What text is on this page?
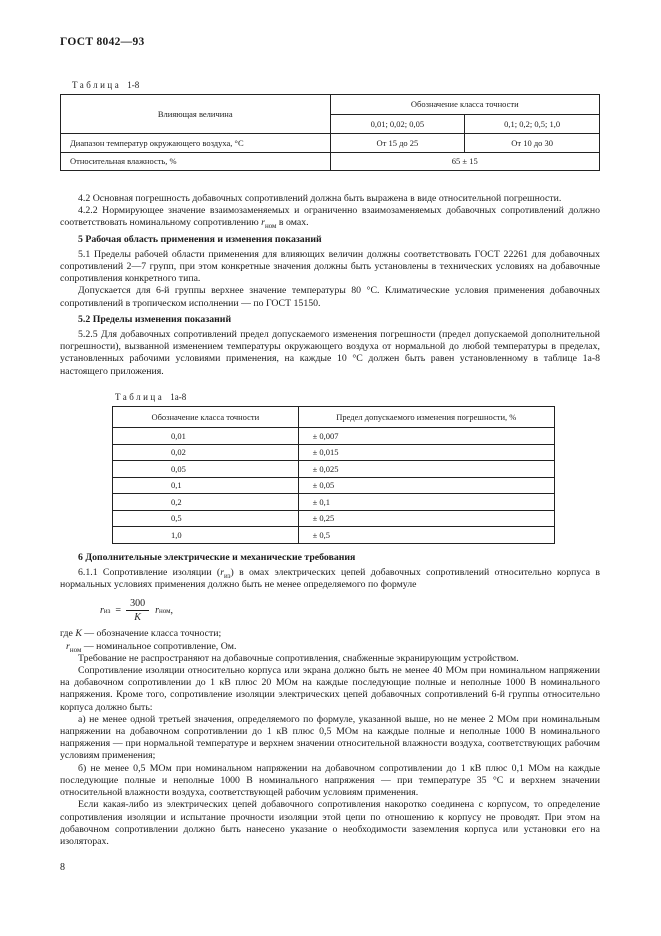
ГОСТ 8042—93
Таблица 1-8
Влияющая величина	Обозначение класса точности	
	0,01; 0,02; 0,05	0,1; 0,2; 0,5; 1,0
Диапазон температур окружающего воздуха, °С	От 15 до 25	От 10 до 30
Относительная влажность, %	65 ± 15	

4.2 Основная погрешность добавочных сопротивлений должна быть выражена в виде относительной погрешности.

4.2.2 Нормирующее значение взаимозаменяемых и ограниченно взаимозаменяемых добавочных сопротивлений должно соответствовать номинальному сопротивлению $r_{ном}$ в омах.

5 Рабочая область применения и изменения показаний

5.1 Пределы рабочей области применения для влияющих величин должны соответствовать ГОСТ 22261 для добавочных сопротивлений 2—7 групп, при этом конкретные значения должны быть установлены в технических условиях на добавочные сопротивления конкретного типа.

Допускается для 6-й группы верхнее значение температуры 80 °С. Климатические условия применения добавочных сопротивлений в тропическом исполнении — по ГОСТ 15150.

5.2 Пределы изменения показаний

5.2.5 Для добавочных сопротивлений предел допускаемого изменения погрешности (предел допускаемой дополнительной погрешности), вызванной изменением температуры окружающего воздуха от нормальной до любой температуры в пределах, установленных рабочими условиями применения, на каждые 10 °С должен быть равен установленному в таблице 1а-8 настоящего приложения.

Таблица 1а-8
Обозначение класса точности	Предел допускаемого изменения погрешности, %
0,01	± 0,007
0,02	± 0,015
0,05	± 0,025
0,1	± 0,05
0,2	± 0,1
0,5	± 0,25
1,0	± 0,5

6 Дополнительные электрические и механические требования

6.1.1 Сопротивление изоляции $(r_{из})$ в омах электрических цепей добавочных сопротивлений относительно корпуса в нормальных условиях применения должно быть не менее определяемого по формуле

r из = $\frac{300}{K}$ r ном ,

где К — обозначение класса точности;

$r_{ном}$ — номинальное сопротивление, Ом.

Требование не распространяют на добавочные сопротивления, снабженные экранирующим устройством.

Сопротивление изоляции относительно корпуса или экрана должно быть не менее 40 МОм при номинальном напряжении на добавочном сопротивлении до 1 кВ плюс 20 МОм на каждые последующие полные и неполные 1000 В номинального напряжения. Кроме того, сопротивление изоляции электрических цепей добавочных сопротивлений 6-й группы относительно корпуса должно быть:

а) не менее одной третьей значения, определяемого по формуле, указанной выше, но не менее 2 МОм при номинальным напряжении на добавочном сопротивлении до 1 кВ плюс 0,5 МОм на каждые полные и неполные 1000 В номинального напряжения — при нормальной температуре и верхнем значении относительной влажности воздуха, соответствующих рабочим условиям применения;

б) не менее 0,5 МОм при номинальном напряжении на добавочном сопротивлении до 1 кВ плюс 0,1 МОм на каждые последующие полные и неполные 1000 В номинального напряжения — при температуре 35 °С и верхнем значении относительной влажности воздуха, соответствующей рабочим условиям применения.

Если какая-либо из электрических цепей добавочного сопротивления накоротко соединена с корпусом, то определение сопротивления изоляции и испытание прочности изоляции этой цепи по отношению к корпусу не проводят. При этом на добавочном сопротивлении должно быть нанесено указание о необходимости заземления корпуса или установки его на изоляторах.

8
